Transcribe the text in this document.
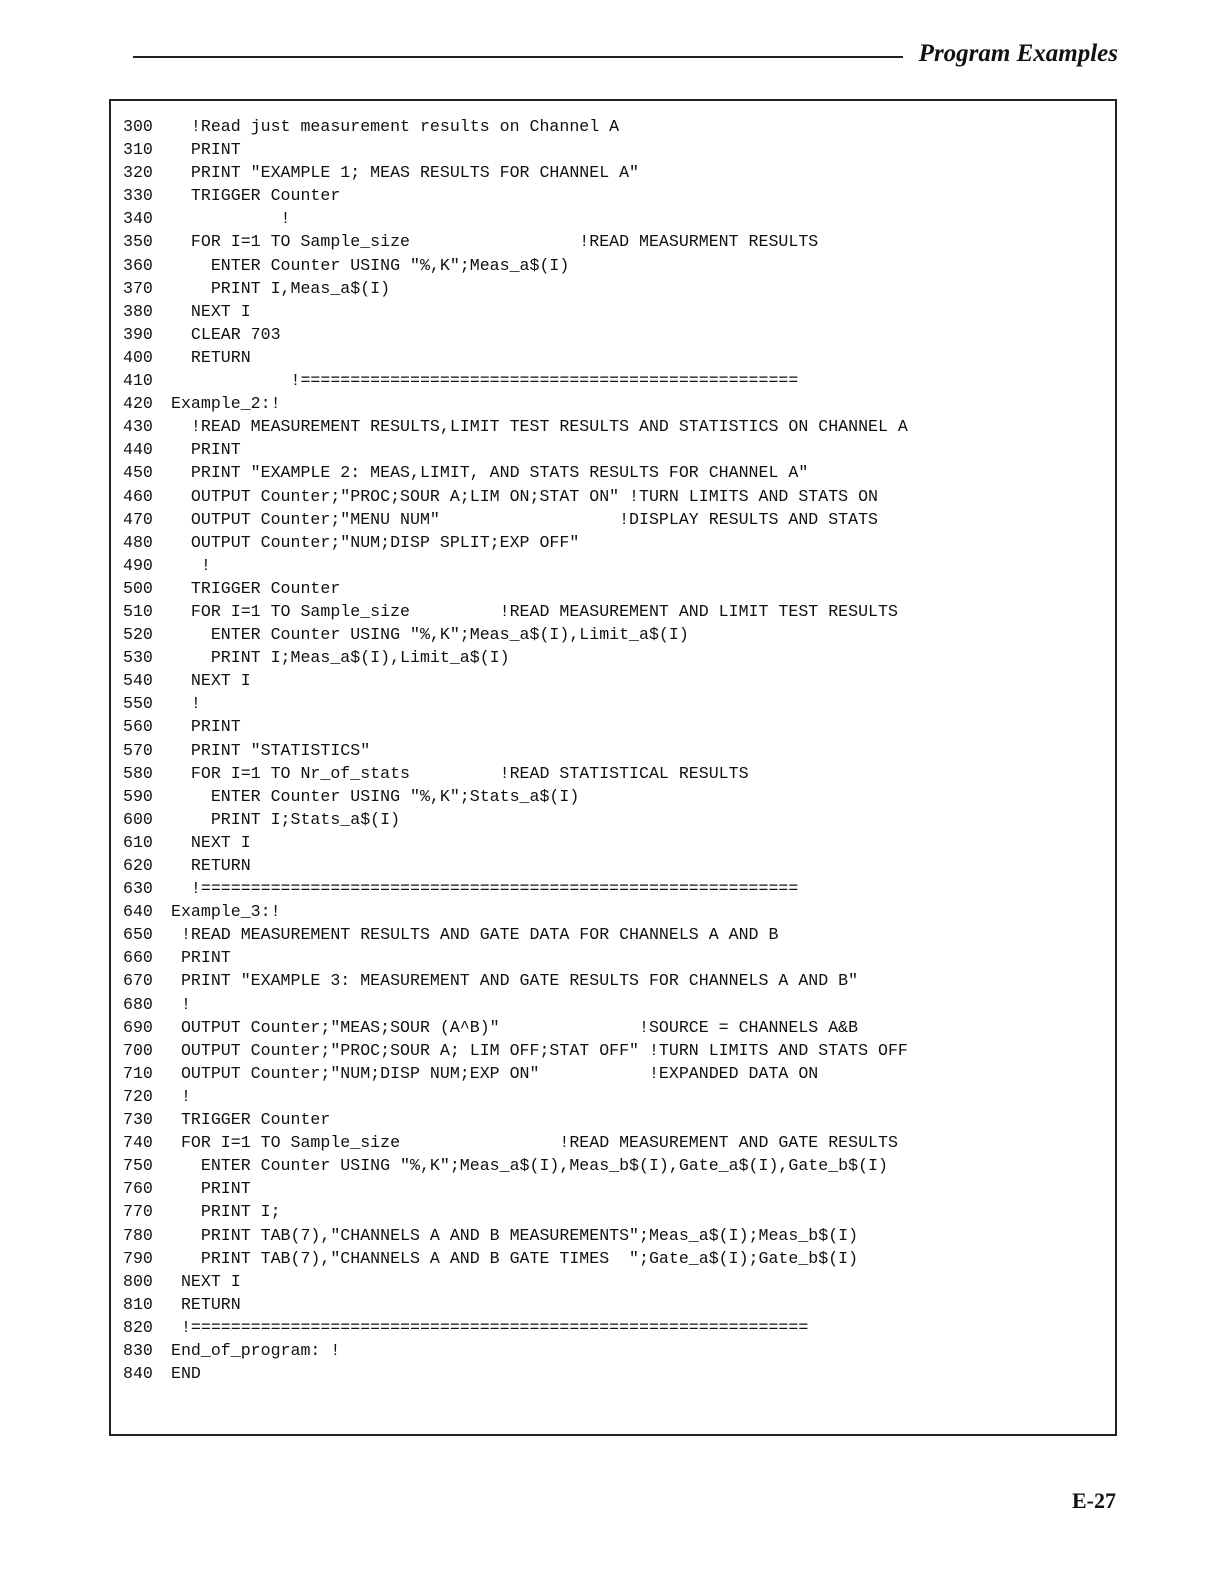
Program Examples
300	!Read just measurement results on Channel A
310	PRINT
320	PRINT "EXAMPLE 1; MEAS RESULTS FOR CHANNEL A"
330	TRIGGER Counter
340	!
350	FOR I=1 TO Sample_size                 !READ MEASURMENT RESULTS
360	ENTER Counter USING "%,K";Meas_a$(I)
370	PRINT I,Meas_a$(I)
380	NEXT I
390	CLEAR 703
400	RETURN
410	!==================================================
420	Example_2:!
430	!READ MEASUREMENT RESULTS,LIMIT TEST RESULTS AND STATISTICS ON CHANNEL A
440	PRINT
450	PRINT "EXAMPLE 2: MEAS,LIMIT, AND STATS RESULTS FOR CHANNEL A"
460	OUTPUT Counter;"PROC;SOUR A;LIM ON;STAT ON" !TURN LIMITS AND STATS ON
470	OUTPUT Counter;"MENU NUM"                  !DISPLAY RESULTS AND STATS
480	OUTPUT Counter;"NUM;DISP SPLIT;EXP OFF"
490	!
500	TRIGGER Counter
510	FOR I=1 TO Sample_size         !READ MEASUREMENT AND LIMIT TEST RESULTS
520	ENTER Counter USING "%,K";Meas_a$(I),Limit_a$(I)
530	PRINT I;Meas_a$(I),Limit_a$(I)
540	NEXT I
550	!
560	PRINT
570	PRINT "STATISTICS"
580	FOR I=1 TO Nr_of_stats         !READ STATISTICAL RESULTS
590	ENTER Counter USING "%,K";Stats_a$(I)
600	PRINT I;Stats_a$(I)
610	NEXT I
620	RETURN
630	!============================================================
640	Example_3:!
650	!READ MEASUREMENT RESULTS AND GATE DATA FOR CHANNELS A AND B
660	PRINT
670	PRINT "EXAMPLE 3: MEASUREMENT AND GATE RESULTS FOR CHANNELS A AND B"
680	!
690	OUTPUT Counter;"MEAS;SOUR (A^B)"              !SOURCE = CHANNELS A&B
700	OUTPUT Counter;"PROC;SOUR A; LIM OFF;STAT OFF" !TURN LIMITS AND STATS OFF
710	OUTPUT Counter;"NUM;DISP NUM;EXP ON"           !EXPANDED DATA ON
720	!
730	TRIGGER Counter
740	FOR I=1 TO Sample_size                !READ MEASUREMENT AND GATE RESULTS
750	ENTER Counter USING "%,K";Meas_a$(I),Meas_b$(I),Gate_a$(I),Gate_b$(I)
760	PRINT
770	PRINT I;
780	PRINT TAB(7),"CHANNELS A AND B MEASUREMENTS";Meas_a$(I);Meas_b$(I)
790	PRINT TAB(7),"CHANNELS A AND B GATE TIMES  ";Gate_a$(I);Gate_b$(I)
800	NEXT I
810	RETURN
820	!==============================================================
830	End_of_program: !
840	END
E-27
